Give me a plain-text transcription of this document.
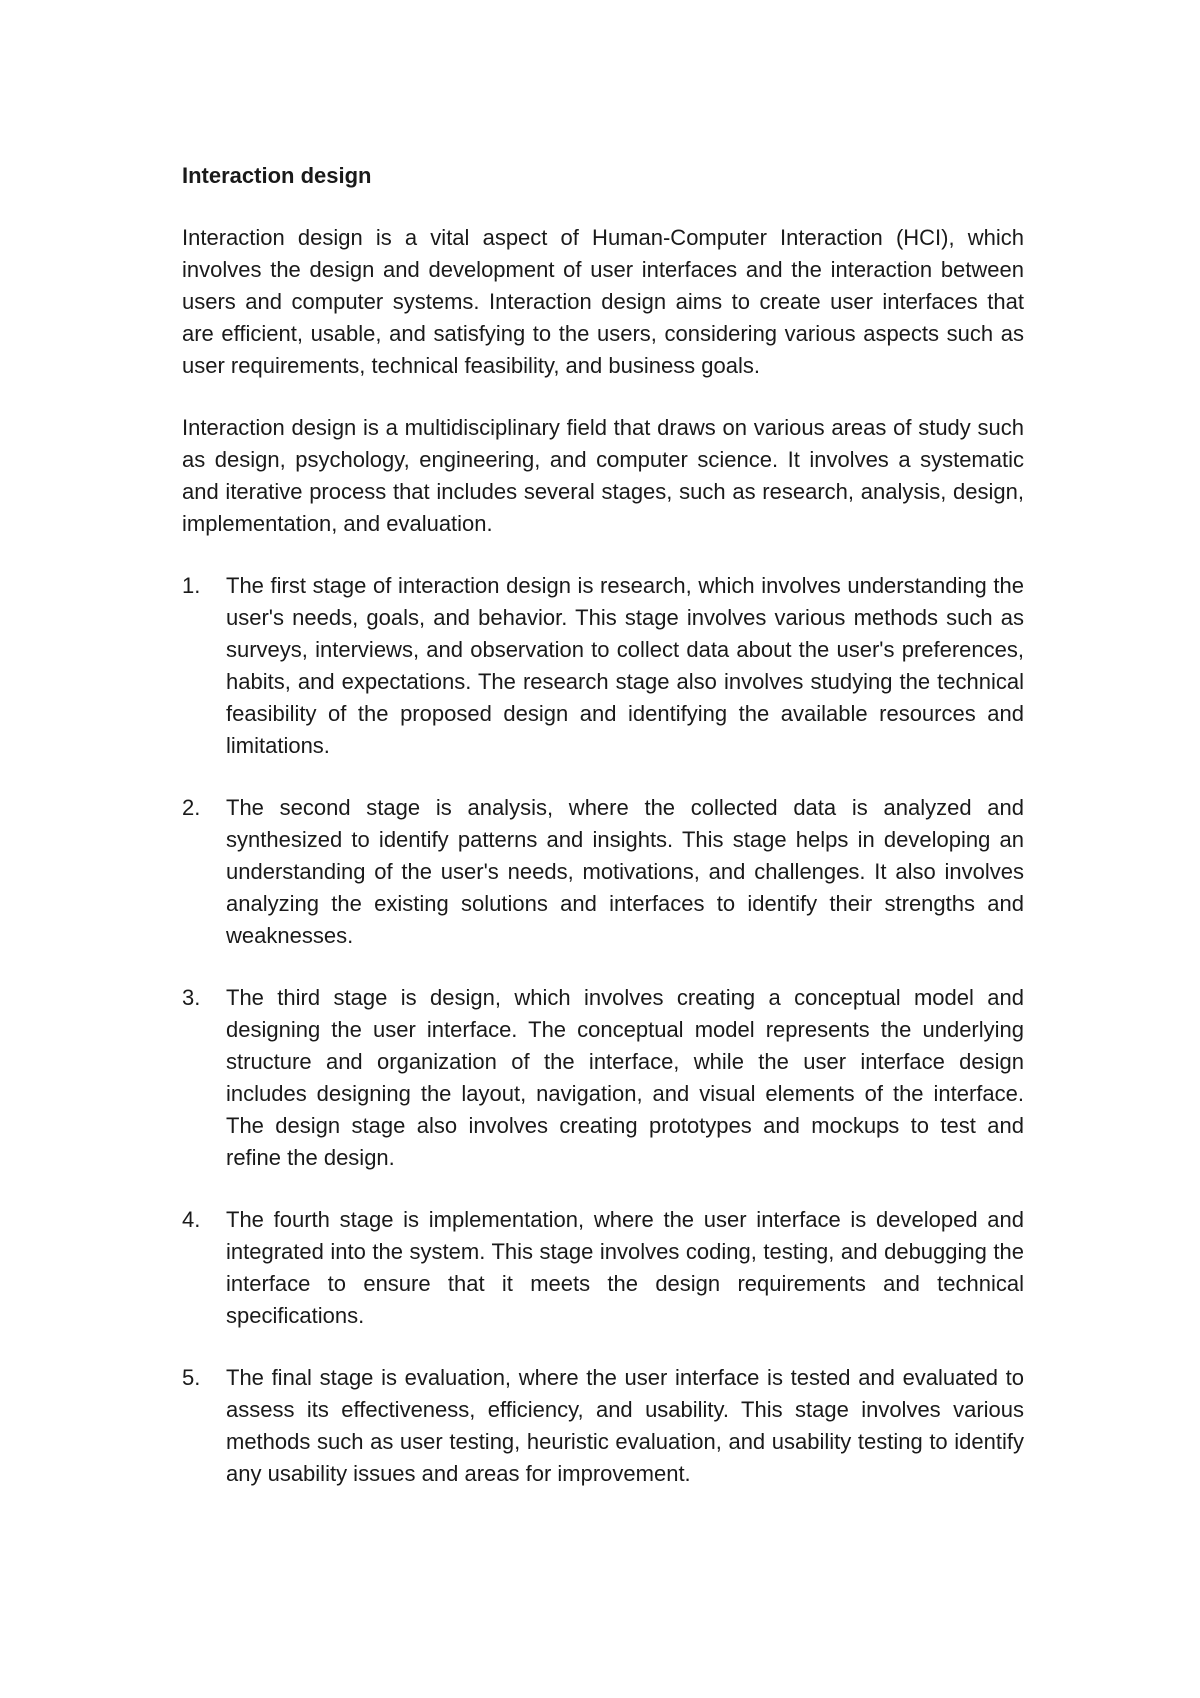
Interaction design

Interaction design is a vital aspect of Human-Computer Interaction (HCI), which involves the design and development of user interfaces and the interaction between users and computer systems. Interaction design aims to create user interfaces that are efficient, usable, and satisfying to the users, considering various aspects such as user requirements, technical feasibility, and business goals.

Interaction design is a multidisciplinary field that draws on various areas of study such as design, psychology, engineering, and computer science. It involves a systematic and iterative process that includes several stages, such as research, analysis, design, implementation, and evaluation.

1.	The first stage of interaction design is research, which involves understanding the user's needs, goals, and behavior. This stage involves various methods such as surveys, interviews, and observation to collect data about the user's preferences, habits, and expectations. The research stage also involves studying the technical feasibility of the proposed design and identifying the available resources and limitations.
2.	The second stage is analysis, where the collected data is analyzed and synthesized to identify patterns and insights. This stage helps in developing an understanding of the user's needs, motivations, and challenges. It also involves analyzing the existing solutions and interfaces to identify their strengths and weaknesses.
3.	The third stage is design, which involves creating a conceptual model and designing the user interface. The conceptual model represents the underlying structure and organization of the interface, while the user interface design includes designing the layout, navigation, and visual elements of the interface. The design stage also involves creating prototypes and mockups to test and refine the design.
4.	The fourth stage is implementation, where the user interface is developed and integrated into the system. This stage involves coding, testing, and debugging the interface to ensure that it meets the design requirements and technical specifications.
5.	The final stage is evaluation, where the user interface is tested and evaluated to assess its effectiveness, efficiency, and usability. This stage involves various methods such as user testing, heuristic evaluation, and usability testing to identify any usability issues and areas for improvement.
